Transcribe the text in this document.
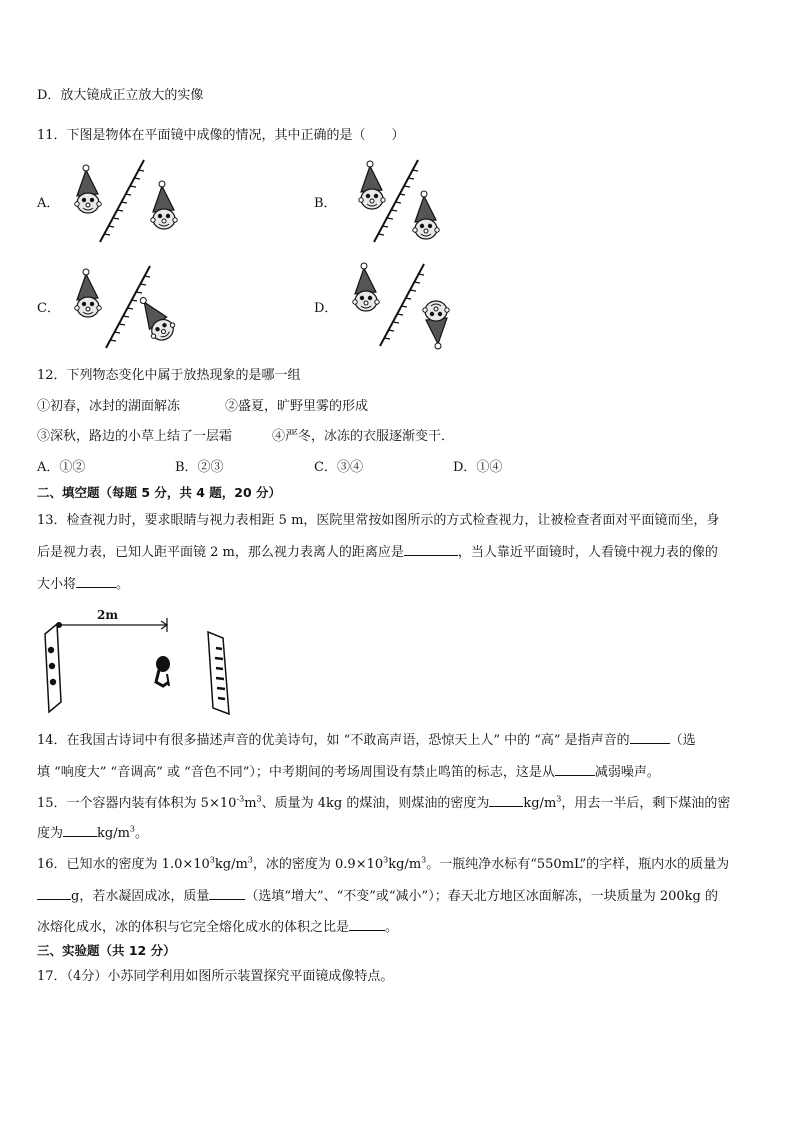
D．放大镜成正立放大的实像
11．下图是物体在平面镜中成像的情况，其中正确的是（　　）
A．	B．
C．	D．
12．下列物态变化中属于放热现象的是哪一组
①初春，冰封的湖面解冻	②盛夏，旷野里雾的形成
③深秋，路边的小草上结了一层霜	④严冬，冰冻的衣服逐渐变干．
A．①②	B．②③	C．③④	D．①④
二、填空题（每题 5 分，共 4 题，20 分）
13．检查视力时，要求眼睛与视力表相距 5 m，医院里常按如图所示的方式检查视力，让被检查者面对平面镜而坐，身
后是视力表，已知人距平面镜 2 m，那么视力表离人的距离应是	，当人靠近平面镜时，人看镜中视力表的像的
大小将	。
2m
14．在我国古诗词中有很多描述声音的优美诗句，如 “不敢高声语，恐惊天上人” 中的 “高” 是指声音的	（选
填 “响度大” “音调高” 或 “音色不同”）；中考期间的考场周围设有禁止鸣笛的标志，这是从	减弱噪声。
15．一个容器内装有体积为 $5\times 10^{-3}m^3$、质量为 4kg 的煤油，则煤油的密度为	$kg/m^3$，用去一半后，剩下煤油的密
度为	$kg/m^3$。
16．已知水的密度为 $1.0\times 10^3kg/m^3$，冰的密度为 $0.9\times 10^3kg/m^3$。一瓶纯净水标有“550mL”的字样，瓶内水的质量为
g，若水凝固成冰，质量	（选填“增大”、“不变”或“减小”）；春天北方地区冰面解冻，一块质量为 200kg 的
冰熔化成水，冰的体积与它完全熔化成水的体积之比是	。
三、实验题（共 12 分）
17．（4分）小苏同学利用如图所示装置探究平面镜成像特点。
